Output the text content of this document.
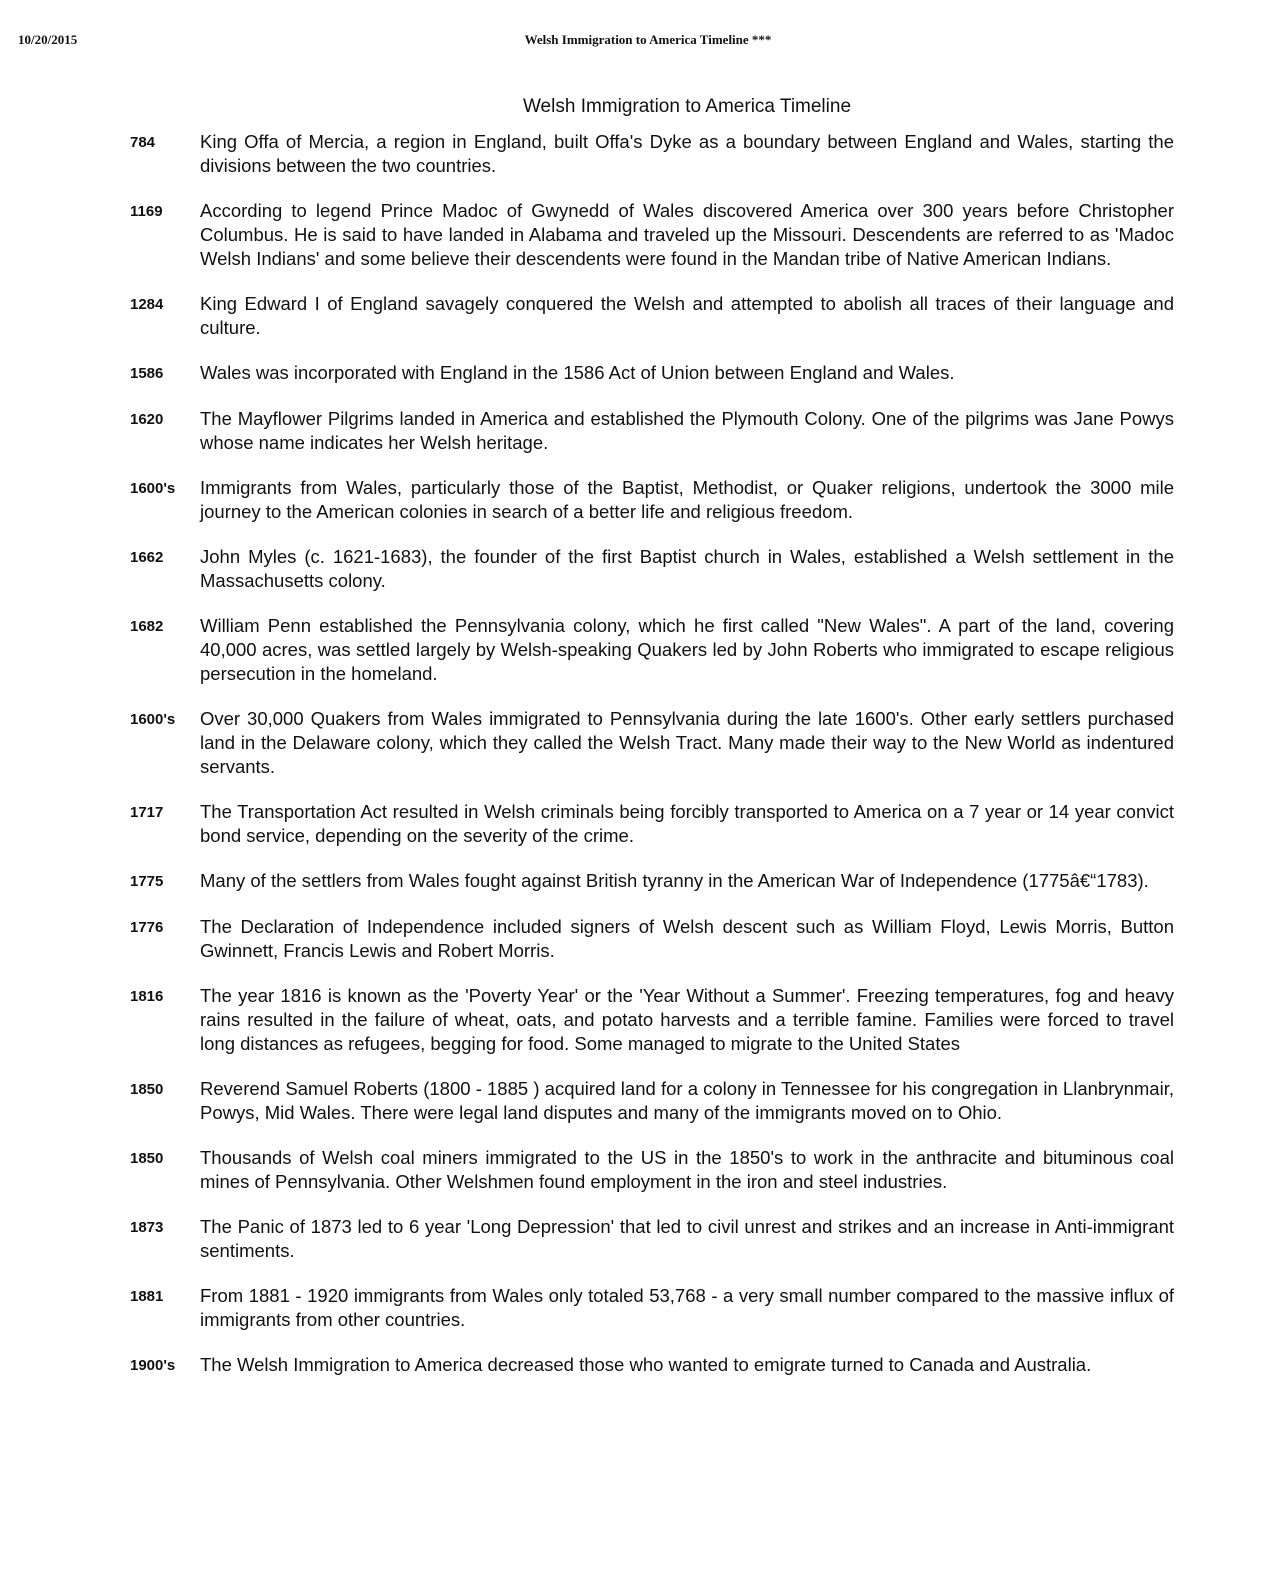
10/20/2015	Welsh Immigration to America Timeline ***
Welsh Immigration to America Timeline
784	King Offa of Mercia, a region in England, built Offa's Dyke as a boundary between England and Wales, starting the divisions between the two countries.
1169	According to legend Prince Madoc of Gwynedd of Wales discovered America over 300 years before Christopher Columbus. He is said to have landed in Alabama and traveled up the Missouri. Descendents are referred to as 'Madoc Welsh Indians' and some believe their descendents were found in the Mandan tribe of Native American Indians.
1284	King Edward I of England savagely conquered the Welsh and attempted to abolish all traces of their language and culture.
1586	Wales was incorporated with England in the 1586 Act of Union between England and Wales.
1620	The Mayflower Pilgrims landed in America and established the Plymouth Colony. One of the pilgrims was Jane Powys whose name indicates her Welsh heritage.
1600's	Immigrants from Wales, particularly those of the Baptist, Methodist, or Quaker religions, undertook the 3000 mile journey to the American colonies in search of a better life and religious freedom.
1662	John Myles (c. 1621-1683), the founder of the first Baptist church in Wales, established a Welsh settlement in the Massachusetts colony.
1682	William Penn established the Pennsylvania colony, which he first called "New Wales". A part of the land, covering 40,000 acres, was settled largely by Welsh-speaking Quakers led by John Roberts who immigrated to escape religious persecution in the homeland.
1600's	Over 30,000 Quakers from Wales immigrated to Pennsylvania during the late 1600's. Other early settlers purchased land in the Delaware colony, which they called the Welsh Tract. Many made their way to the New World as indentured servants.
1717	The Transportation Act resulted in Welsh criminals being forcibly transported to America on a 7 year or 14 year convict bond service, depending on the severity of the crime.
1775	Many of the settlers from Wales fought against British tyranny in the American War of Independence (1775â€“1783).
1776	The Declaration of Independence included signers of Welsh descent such as William Floyd, Lewis Morris, Button Gwinnett, Francis Lewis and Robert Morris.
1816	The year 1816 is known as the 'Poverty Year' or the 'Year Without a Summer'. Freezing temperatures, fog and heavy rains resulted in the failure of wheat, oats, and potato harvests and a terrible famine. Families were forced to travel long distances as refugees, begging for food. Some managed to migrate to the United States
1850	Reverend Samuel Roberts (1800 - 1885 ) acquired land for a colony in Tennessee for his congregation in Llanbrynmair, Powys, Mid Wales. There were legal land disputes and many of the immigrants moved on to Ohio.
1850	Thousands of Welsh coal miners immigrated to the US in the 1850's to work in the anthracite and bituminous coal mines of Pennsylvania. Other Welshmen found employment in the iron and steel industries.
1873	The Panic of 1873 led to 6 year 'Long Depression' that led to civil unrest and strikes and an increase in Anti-immigrant sentiments.
1881	From 1881 - 1920 immigrants from Wales only totaled 53,768 - a very small number compared to the massive influx of immigrants from other countries.
1900's	The Welsh Immigration to America decreased those who wanted to emigrate turned to Canada and Australia.
